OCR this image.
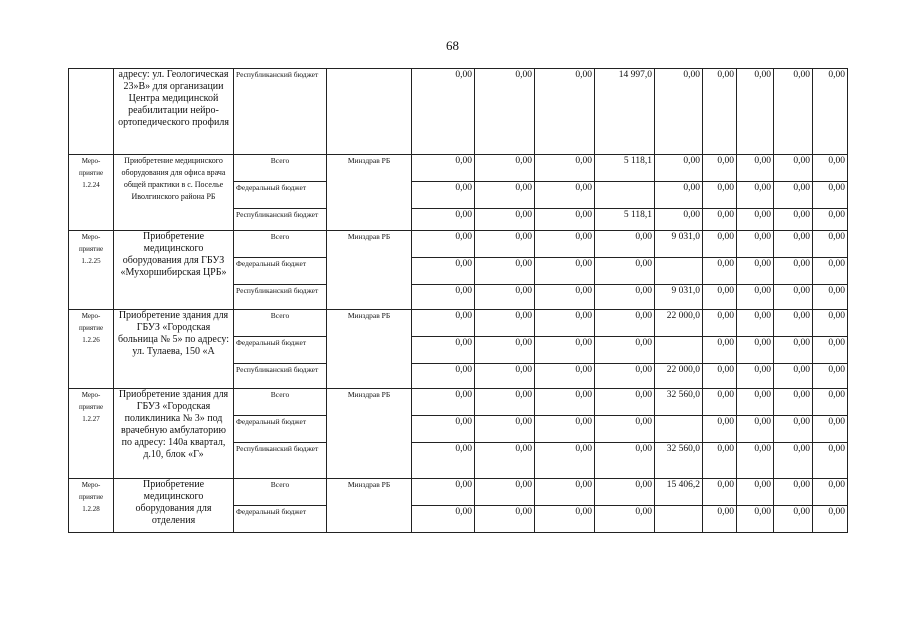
68
	адресу: ул. Геологическая 23»В» для организации Центра медицинской реабилитации нейро-ортопедического профиля	Республиканский бюджет		0,00	0,00	0,00	14 997,0	0,00	0,00	0,00	0,00	0,00
Меро-приятие 1.2.24	Приобретение медицинского оборудования для офиса врача общей практики в с. Поселье Иволгинского района РБ	Всего	Минздрав РБ	0,00	0,00	0,00	5 118,1	0,00	0,00	0,00	0,00	0,00
		Федеральный бюджет		0,00	0,00	0,00		0,00	0,00	0,00	0,00	0,00
		Республиканский бюджет		0,00	0,00	0,00	5 118,1	0,00	0,00	0,00	0,00	0,00
Меро-приятие 1..2.25	Приобретение медицинского оборудования для ГБУЗ «Мухоршибирская ЦРБ»	Всего	Минздрав РБ	0,00	0,00	0,00	0,00	9 031,0	0,00	0,00	0,00	0,00
		Федеральный бюджет		0,00	0,00	0,00	0,00		0,00	0,00	0,00	0,00
		Республиканский бюджет		0,00	0,00	0,00	0,00	9 031,0	0,00	0,00	0,00	0,00
Меро-приятие 1.2.26	Приобретение здания для ГБУЗ «Городская больница № 5» по адресу: ул. Тулаева, 150 «А	Всего	Минздрав РБ	0,00	0,00	0,00	0,00	22 000,0	0,00	0,00	0,00	0,00
		Федеральный бюджет		0,00	0,00	0,00	0,00		0,00	0,00	0,00	0,00
		Республиканский бюджет		0,00	0,00	0,00	0,00	22 000,0	0,00	0,00	0,00	0,00
Меро-приятие 1.2.27	Приобретение здания для ГБУЗ «Городская поликлиника № 3» под врачебную амбулаторию по адресу: 140а квартал, д.10, блок «Г»	Всего	Минздрав РБ	0,00	0,00	0,00	0,00	32 560,0	0,00	0,00	0,00	0,00
		Федеральный бюджет		0,00	0,00	0,00	0,00		0,00	0,00	0,00	0,00
		Республиканский бюджет		0,00	0,00	0,00	0,00	32 560,0	0,00	0,00	0,00	0,00
Меро-приятие 1.2.28	Приобретение медицинского оборудования для отделения	Всего	Минздрав РБ	0,00	0,00	0,00	0,00	15 406,2	0,00	0,00	0,00	0,00
		Федеральный бюджет		0,00	0,00	0,00	0,00		0,00	0,00	0,00	0,00
